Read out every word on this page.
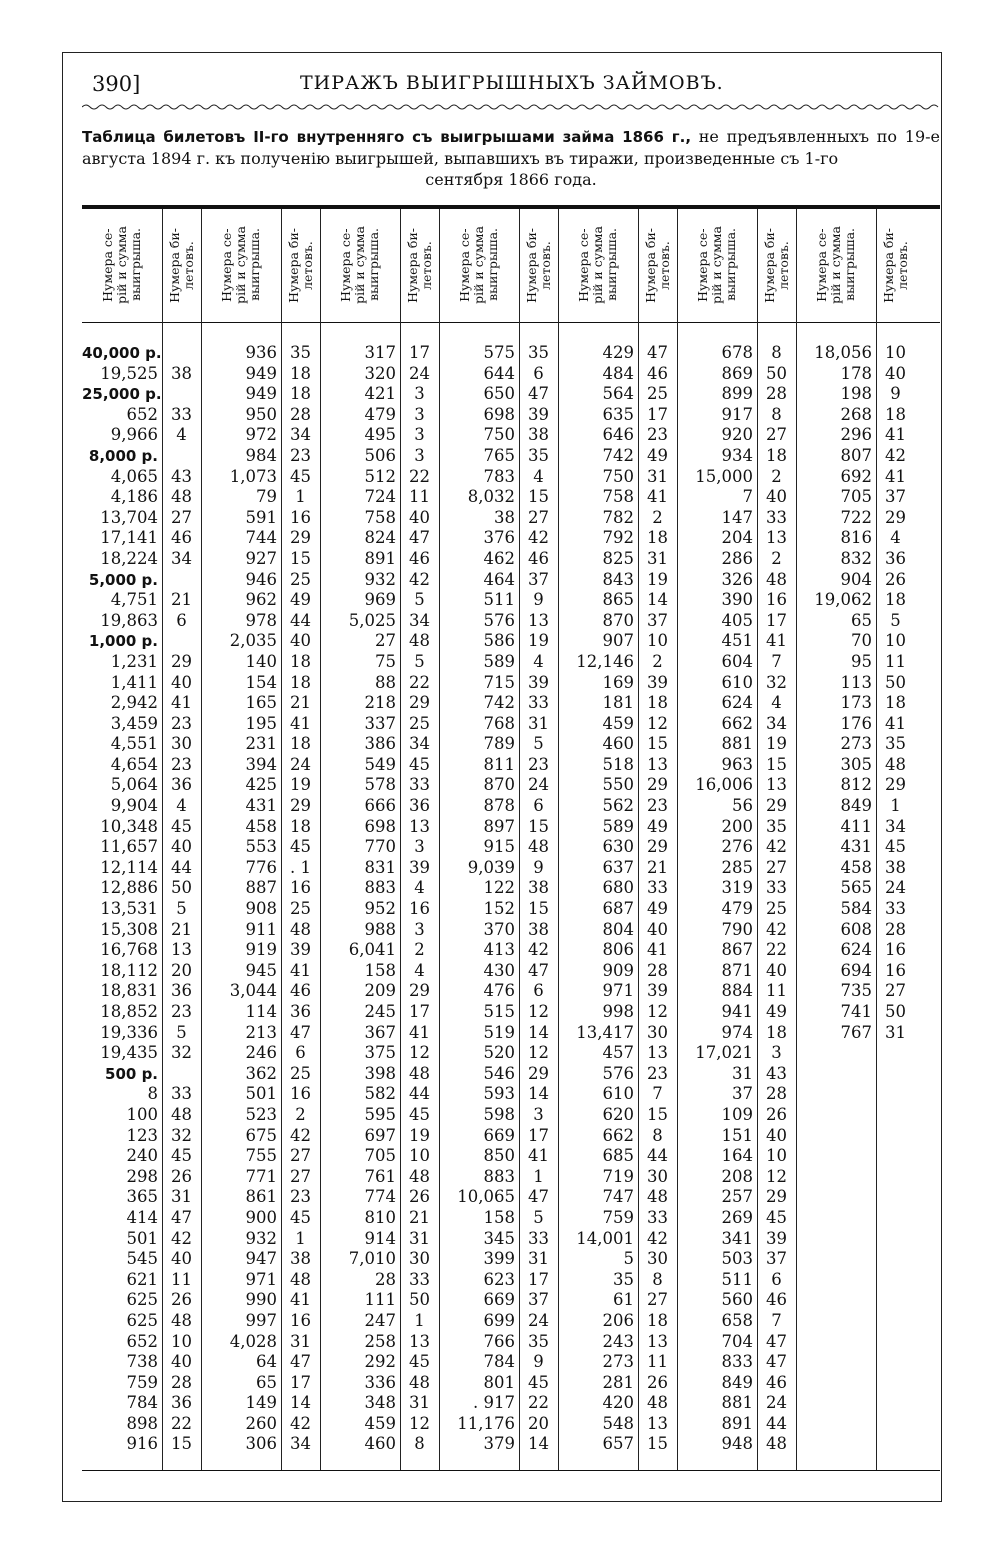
390]	ТИРАЖЪ ВЫИГРЫШНЫХЪ ЗАЙМОВЪ.
Таблица билетовъ II-го внутренняго съ выигрышами займа 1866 г., не предъявленныхъ по 19-е августа 1894 г. къ полученію выигрышей, выпавшихъ въ тиражи, произведенные съ 1-го
сентября 1866 года.
Нумера се-
рій и сумма
выигрыша. Нумера би-
летовъ.
40,000 р.
19,525
25,000 р.
652
9,966
8,000 р.
4,065
4,186
13,704
17,141
18,224
5,000 р.
4,751
19,863
1,000 р.
1,231
1,411
2,942
3,459
4,551
4,654
5,064
9,904
10,348
11,657
12,114
12,886
13,531
15,308
16,768
18,112
18,831
18,852
19,336
19,435
500 р.
8
100
123
240
298
365
414
501
545
621
625
625
652
738
759
784
898
916
38
33
4
43
48
27
46
34
21
6
29
40
41
23
30
23
36
4
45
40
44
50
5
21
13
20
36
23
5
32
33
48
32
45
26
31
47
42
40
11
26
48
10
40
28
36
22
15
Нумера се-
рій и сумма
выигрыша. Нумера би-
летовъ.
936
949
949
950
972
984
1,073
79
591
744
927
946
962
978
2,035
140
154
165
195
231
394
425
431
458
553
776
887
908
911
919
945
3,044
114
213
246
362
501
523
675
755
771
861
900
932
947
971
990
997
4,028
64
65
149
260
306
35
18
18
28
34
23
45
1
16
29
15
25
49
44
40
18
18
21
41
18
24
19
29
18
45
. 1
16
25
48
39
41
46
36
47
6
25
16
2
42
27
27
23
45
1
38
48
41
16
31
47
17
14
42
34
Нумера се-
рій и сумма
выигрыша. Нумера би-
летовъ.
317
320
421
479
495
506
512
724
758
824
891
932
969
5,025
27
75
88
218
337
386
549
578
666
698
770
831
883
952
988
6,041
158
209
245
367
375
398
582
595
697
705
761
774
810
914
7,010
28
111
247
258
292
336
348
459
460
17
24
3
3
3
3
22
11
40
47
46
42
5
34
48
5
22
29
25
34
45
33
36
13
3
39
4
16
3
2
4
29
17
41
12
48
44
45
19
10
48
26
21
31
30
33
50
1
13
45
48
31
12
8
Нумера се-
рій и сумма
выигрыша. Нумера би-
летовъ.
575
644
650
698
750
765
783
8,032
38
376
462
464
511
576
586
589
715
742
768
789
811
870
878
897
915
9,039
122
152
370
413
430
476
515
519
520
546
593
598
669
850
883
10,065
158
345
399
623
669
699
766
784
801
. 917
11,176
379
35
6
47
39
38
35
4
15
27
42
46
37
9
13
19
4
39
33
31
5
23
24
6
15
48
9
38
15
38
42
47
6
12
14
12
29
14
3
17
41
1
47
5
33
31
17
37
24
35
9
45
22
20
14
Нумера се-
рій и сумма
выигрыша. Нумера би-
летовъ.
429
484
564
635
646
742
750
758
782
792
825
843
865
870
907
12,146
169
181
459
460
518
550
562
589
630
637
680
687
804
806
909
971
998
13,417
457
576
610
620
662
685
719
747
759
14,001
5
35
61
206
243
273
281
420
548
657
47
46
25
17
23
49
31
41
2
18
31
19
14
37
10
2
39
18
12
15
13
29
23
49
29
21
33
49
40
41
28
39
12
30
13
23
7
15
8
44
30
48
33
42
30
8
27
18
13
11
26
48
13
15
Нумера се-
рій и сумма
выигрыша. Нумера би-
летовъ.
678
869
899
917
920
934
15,000
7
147
204
286
326
390
405
451
604
610
624
662
881
963
16,006
56
200
276
285
319
479
790
867
871
884
941
974
17,021
31
37
109
151
164
208
257
269
341
503
511
560
658
704
833
849
881
891
948
8
50
28
8
27
18
2
40
33
13
2
48
16
17
41
7
32
4
34
19
15
13
29
35
42
27
33
25
42
22
40
11
49
18
3
43
28
26
40
10
12
29
45
39
37
6
46
7
47
47
46
24
44
48
Нумера се-
рій и сумма
выигрыша. Нумера би-
летовъ.
18,056
178
198
268
296
807
692
705
722
816
832
904
19,062
65
70
95
113
173
176
273
305
812
849
411
431
458
565
584
608
624
694
735
741
767
10
40
9
18
41
42
41
37
29
4
36
26
18
5
10
11
50
18
41
35
48
29
1
34
45
38
24
33
28
16
16
27
50
31
